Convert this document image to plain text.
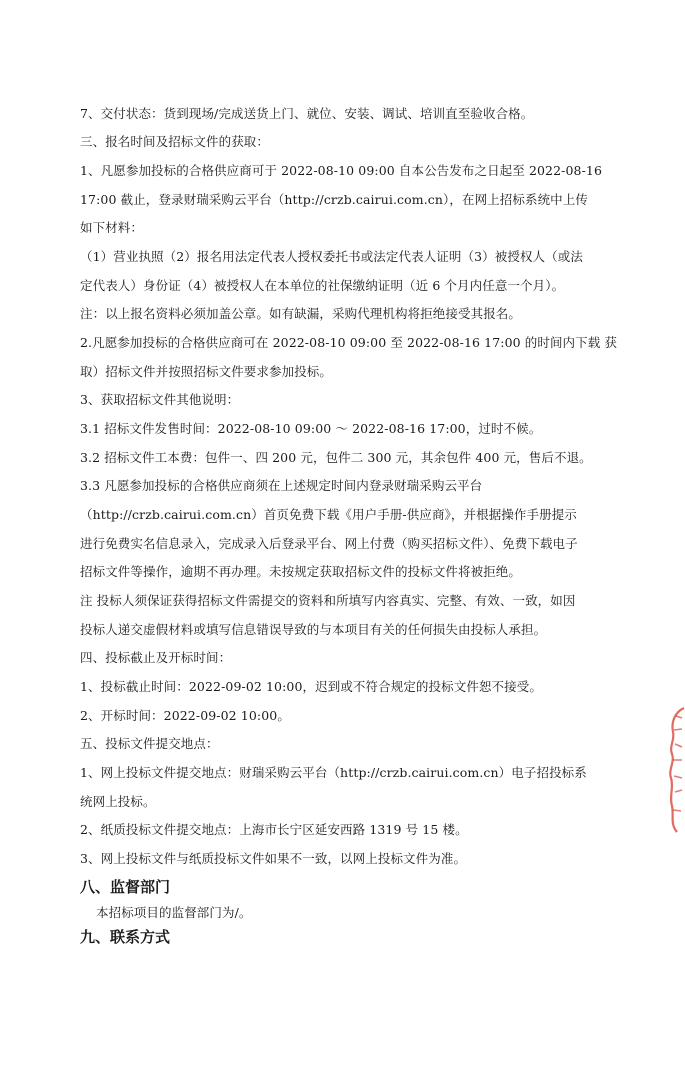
7、交付状态：货到现场/完成送货上门、就位、安装、调试、培训直至验收合格。
三、报名时间及招标文件的获取：
1、凡愿参加投标的合格供应商可于 2022-08-10 09:00 自本公告发布之日起至 2022-08-16
17:00 截止，登录财瑞采购云平台（http://crzb.cairui.com.cn），在网上招标系统中上传
如下材料：
（1）营业执照（2）报名用法定代表人授权委托书或法定代表人证明（3）被授权人（或法
定代表人）身份证（4）被授权人在本单位的社保缴纳证明（近 6 个月内任意一个月）。
注：以上报名资料必须加盖公章。如有缺漏，采购代理机构将拒绝接受其报名。
2.凡愿参加投标的合格供应商可在 2022-08-10 09:00 至 2022-08-16 17:00 的时间内下载 获
取）招标文件并按照招标文件要求参加投标。
3、获取招标文件其他说明：
3.1 招标文件发售时间：2022-08-10 09:00 ～ 2022-08-16 17:00，过时不候。
3.2 招标文件工本费：包件一、四 200 元，包件二 300 元，其余包件 400 元，售后不退。
3.3 凡愿参加投标的合格供应商须在上述规定时间内登录财瑞采购云平台
（http://crzb.cairui.com.cn）首页免费下载《用户手册-供应商》，并根据操作手册提示
进行免费实名信息录入，完成录入后登录平台、网上付费（购买招标文件）、免费下载电子
招标文件等操作，逾期不再办理。未按规定获取招标文件的投标文件将被拒绝。
注 投标人须保证获得招标文件需提交的资料和所填写内容真实、完整、有效、一致，如因
投标人递交虚假材料或填写信息错误导致的与本项目有关的任何损失由投标人承担。
四、投标截止及开标时间：
1、投标截止时间：2022-09-02 10:00，迟到或不符合规定的投标文件恕不接受。
2、开标时间：2022-09-02 10:00。
五、投标文件提交地点：
1、网上投标文件提交地点：财瑞采购云平台（http://crzb.cairui.com.cn）电子招投标系
统网上投标。
2、纸质投标文件提交地点：上海市长宁区延安西路 1319 号 15 楼。
3、网上投标文件与纸质投标文件如果不一致，以网上投标文件为准。
八、监督部门
本招标项目的监督部门为/。
九、联系方式
